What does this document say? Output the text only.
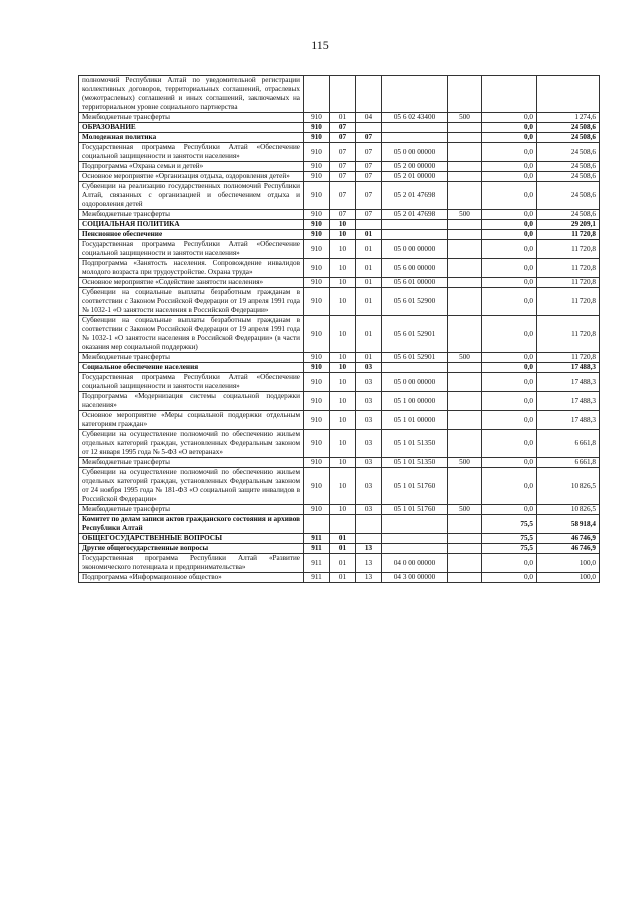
115
полномочий Республики Алтай по уведомительной регистрации коллективных договоров, территориальных соглашений, отраслевых (межотраслевых) соглашений и иных соглашений, заключаемых на территориальном уровне социального партнерства							
Межбюджетные трансферты	910	01	04	05 6 02 43400	500	0,0	1 274,6
ОБРАЗОВАНИЕ	910	07				0,0	24 508,6
Молодежная политика	910	07	07			0,0	24 508,6
Государственная программа Республики Алтай «Обеспечение социальной защищенности и занятости населения»	910	07	07	05 0 00 00000		0,0	24 508,6
Подпрограмма «Охрана семьи и детей»	910	07	07	05 2 00 00000		0,0	24 508,6
Основное мероприятие «Организация отдыха, оздоровления детей»	910	07	07	05 2 01 00000		0,0	24 508,6
Субвенции на реализацию государственных полномочий Республики Алтай, связанных с организацией и обеспечением отдыха и оздоровления детей	910	07	07	05 2 01 47698		0,0	24 508,6
Межбюджетные трансферты	910	07	07	05 2 01 47698	500	0,0	24 508,6
СОЦИАЛЬНАЯ ПОЛИТИКА	910	10				0,0	29 209,1
Пенсионное обеспечение	910	10	01			0,0	11 720,8
Государственная программа Республики Алтай «Обеспечение социальной защищенности и занятости населения»	910	10	01	05 0 00 00000		0,0	11 720,8
Подпрограмма «Занятость населения. Сопровождение инвалидов молодого возраста при трудоустройстве. Охрана труда»	910	10	01	05 6 00 00000		0,0	11 720,8
Основное мероприятие «Содействие занятости населения»	910	10	01	05 6 01 00000		0,0	11 720,8
Субвенции на социальные выплаты безработным гражданам в соответствии с Законом Российской Федерации от 19 апреля 1991 года № 1032-1 «О занятости населения в Российской Федерации»	910	10	01	05 6 01 52900		0,0	11 720,8
Субвенции на социальные выплаты безработным гражданам в соответствии с Законом Российской Федерации от 19 апреля 1991 года № 1032-1 «О занятости населения в Российской Федерации» (в части оказания мер социальной поддержки)	910	10	01	05 6 01 52901		0,0	11 720,8
Межбюджетные трансферты	910	10	01	05 6 01 52901	500	0,0	11 720,8
Социальное обеспечение населения	910	10	03			0,0	17 488,3
Государственная программа Республики Алтай «Обеспечение социальной защищенности и занятости населения»	910	10	03	05 0 00 00000		0,0	17 488,3
Подпрограмма «Модернизация системы социальной поддержки населения»	910	10	03	05 1 00 00000		0,0	17 488,3
Основное мероприятие «Меры социальной поддержки отдельным категориям граждан»	910	10	03	05 1 01 00000		0,0	17 488,3
Субвенции на осуществление полномочий по обеспечению жильем отдельных категорий граждан, установленных Федеральным законом от 12 января 1995 года № 5-ФЗ «О ветеранах»	910	10	03	05 1 01 51350		0,0	6 661,8
Межбюджетные трансферты	910	10	03	05 1 01 51350	500	0,0	6 661,8
Субвенции на осуществление полномочий по обеспечению жильем отдельных категорий граждан, установленных Федеральным законом от 24 ноября 1995 года № 181-ФЗ «О социальной защите инвалидов в Российской Федерации»	910	10	03	05 1 01 51760		0,0	10 826,5
Межбюджетные трансферты	910	10	03	05 1 01 51760	500	0,0	10 826,5
Комитет по делам записи актов гражданского состояния и архивов Республики Алтай						75,5	58 918,4
ОБЩЕГОСУДАРСТВЕННЫЕ ВОПРОСЫ	911	01				75,5	46 746,9
Другие общегосударственные вопросы	911	01	13			75,5	46 746,9
Государственная программа Республики Алтай «Развитие экономического потенциала и предпринимательства»	911	01	13	04 0 00 00000		0,0	100,0
Подпрограмма «Информационное общество»	911	01	13	04 3 00 00000		0,0	100,0
